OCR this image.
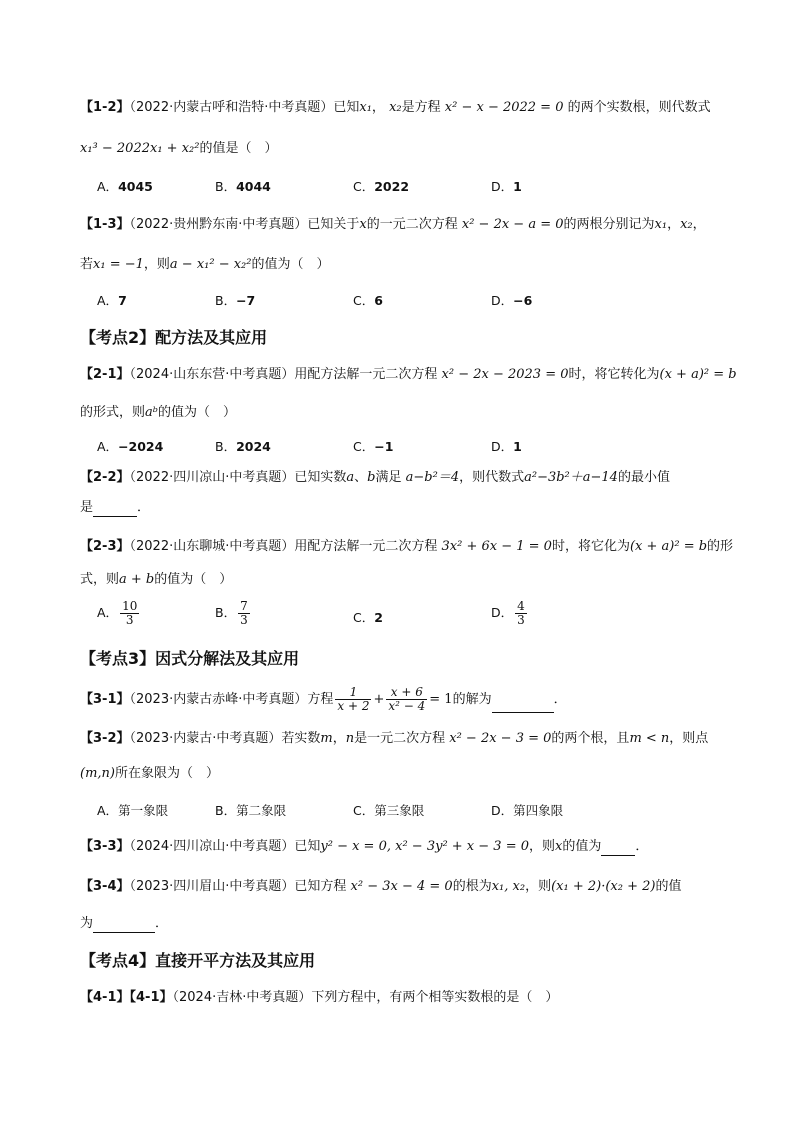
【1-2】（2022·内蒙古呼和浩特·中考真题）已知x₁， x₂是方程 x² − x − 2022 = 0 的两个实数根，则代数式
x₁³ − 2022x₁ + x₂²的值是（　）
A．4045	B．4044	C．2022	D．1
【1-3】（2022·贵州黔东南·中考真题）已知关于x的一元二次方程 x² − 2x − a = 0的两根分别记为x₁，x₂，
若x₁ = −1，则a − x₁² − x₂²的值为（　）
A．7	B．−7	C．6	D．−6
【考点2】配方法及其应用
【2-1】（2024·山东东营·中考真题）用配方法解一元二次方程 x² − 2x − 2023 = 0时，将它转化为(x + a)² = b
的形式，则aᵇ的值为（　）
A．−2024	B．2024	C．−1	D．1
【2-2】（2022·四川凉山·中考真题）已知实数a、b满足 a−b²＝4，则代数式a²−3b²＋a−14的最小值
是	．
【2-3】（2022·山东聊城·中考真题）用配方法解一元二次方程 3x² + 6x − 1 = 0时，将它化为(x + a)² = b的形
式，则a + b的值为（　）
A． $\frac{10}{3}$	B． $\frac{7}{3}$	C．2	D． $\frac{4}{3}$
【考点3】因式分解法及其应用
【3-1】（2023·内蒙古赤峰·中考真题）方程 $\frac{1}{x + 2} + \frac{x + 6}{\text{x² − 4}} = 1$的解为	．
【3-2】（2023·内蒙古·中考真题）若实数m，n是一元二次方程 x² − 2x − 3 = 0的两个根，且m < n，则点
(m,n)所在象限为（　）
A．第一象限	B．第二象限	C．第三象限	D．第四象限
【3-3】（2024·四川凉山·中考真题）已知y² − x = 0, x² − 3y² + x − 3 = 0，则x的值为	．
【3-4】（2023·四川眉山·中考真题）已知方程 x² − 3x − 4 = 0的根为x₁, x₂，则(x₁ + 2)·(x₂ + 2)的值
为	．
【考点4】直接开平方法及其应用
【4-1】【4-1】（2024·吉林·中考真题）下列方程中，有两个相等实数根的是（　）
